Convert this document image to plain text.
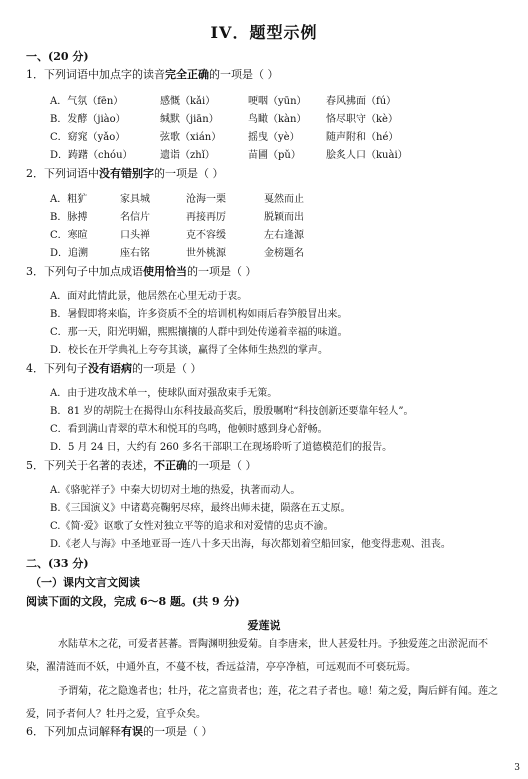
IV．题型示例
一、(20 分)
1．下列词语中加点字的读音完全正确的一项是（ ）
A．气氛（fēn）	感慨（kǎi）	哽咽（yūn） 春风拂面（fú）
B．发酵（jiào）	缄默（jiān）	鸟瞰（kàn） 恪尽职守（kè）
C．窈窕（yǎo）	弦歌（xián）	摇曳（yè）	随声附和（hé）
D．踌躇（chóu）	遗诣（zhǐ）	苗圃（pǔ）	脍炙人口（kuài）
2．下列词语中没有错别字的一项是（ ）
A．粗犷	家具城	沧海一栗	戛然而止
B．脉搏	名信片	再接再厉	脱颖而出
C．寒暄	口头禅	克不容缓	左右逢源
D．追溯	座右铭	世外桃源	金榜题名
3．下列句子中加点成语使用恰当的一项是（ ）
A．面对此情此景，他居然在心里无动于衷。
B．暑假即将来临，许多资质不全的培训机构如雨后春笋般冒出来。
C．那一天，阳光明媚，熙熙攘攘的人群中到处传递着幸福的味道。
D．校长在开学典礼上夸夸其谈，赢得了全体师生热烈的掌声。
4．下列句子没有语病的一项是（ ）
A．由于进攻战术单一，使球队面对强敌束手无策。
B．81 岁的胡院士在揭得山东科技最高奖后，殷殷嘱咐“科技创新还要靠年轻人”。
C．看到满山青翠的草木和悦耳的鸟鸣，他顿时感到身心舒畅。
D．5 月 24 日，大约有 260 多名干部职工在现场聆听了道德模范们的报告。
5．下列关于名著的表述，不正确的一项是（ ）
A.《骆驼祥子》中秦大切切对土地的热爱，执著而动人。
B.《三国演义》中诸葛亮鞠躬尽瘁，最终出师未捷，陨落在五丈原。
C.《简·爱》讴歌了女性对独立平等的追求和对爱情的忠贞不渝。
D.《老人与海》中圣地亚哥一连八十多天出海，每次都划着空船回家，他变得悲观、沮丧。
二、(33 分)
（一）课内文言文阅读
阅读下面的文段，完成 6～8 题。(共 9 分)
爱莲说
水陆草木之花，可爱者甚蕃。晋陶渊明独爱菊。自李唐来，世人甚爱牡丹。予独爱莲之出淤泥而不染，濯清涟而不妖，中通外直，不蔓不枝，香远益清，亭亭净植，可远观而不可亵玩焉。
予谓菊，花之隐逸者也；牡丹，花之富贵者也；莲，花之君子者也。噫！菊之爱，陶后鲜有闻。莲之爱，同予者何人？牡丹之爱，宜乎众矣。
6．下列加点词解释有误的一项是（ ）
3
